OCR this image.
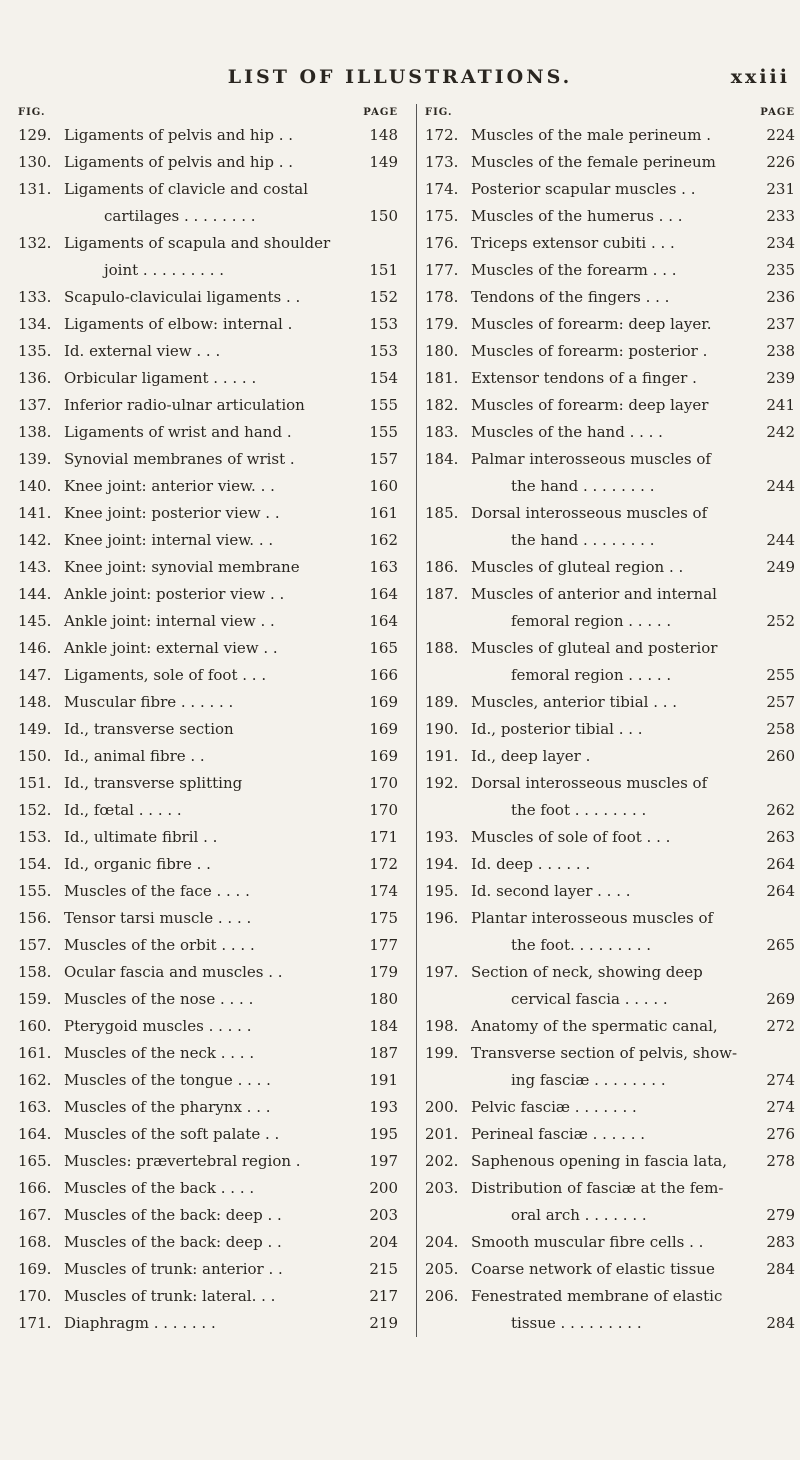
LIST OF ILLUSTRATIONS.	xxiii
FIG.	PAGE
129. Ligaments of pelvis and hip . .	148
130. Ligaments of pelvis and hip . .	149
131. Ligaments of clavicle and costal
cartilages . . . . . . . .	150
132. Ligaments of scapula and shoulder
joint . . . . . . . . .	151
133. Scapulo-claviculai ligaments . .	152
134. Ligaments of elbow: internal .	153
135. Id. external view . . .	153
136. Orbicular ligament . . . . .	154
137. Inferior radio-ulnar articulation	155
138. Ligaments of wrist and hand .	155
139. Synovial membranes of wrist .	157
140. Knee joint: anterior view. . .	160
141. Knee joint: posterior view . .	161
142. Knee joint: internal view. . .	162
143. Knee joint: synovial membrane	163
144. Ankle joint: posterior view . .	164
145. Ankle joint: internal view . .	164
146. Ankle joint: external view . .	165
147. Ligaments, sole of foot . . .	166
148. Muscular fibre . . . . . .	169
149. Id., transverse section	169
150. Id., animal fibre . .	169
151. Id., transverse splitting	170
152. Id., fœtal . . . . .	170
153. Id., ultimate fibril . .	171
154. Id., organic fibre . .	172
155. Muscles of the face . . . .	174
156. Tensor tarsi muscle . . . .	175
157. Muscles of the orbit . . . .	177
158. Ocular fascia and muscles . .	179
159. Muscles of the nose . . . .	180
160. Pterygoid muscles . . . . .	184
161. Muscles of the neck . . . .	187
162. Muscles of the tongue . . . .	191
163. Muscles of the pharynx . . .	193
164. Muscles of the soft palate . .	195
165. Muscles: prævertebral region .	197
166. Muscles of the back . . . .	200
167. Muscles of the back: deep . .	203
168. Muscles of the back: deep . .	204
169. Muscles of trunk: anterior . .	215
170. Muscles of trunk: lateral. . .	217
171. Diaphragm . . . . . . .	219
FIG.	PAGE
172. Muscles of the male perineum .	224
173. Muscles of the female perineum	226
174. Posterior scapular muscles . .	231
175. Muscles of the humerus . . .	233
176. Triceps extensor cubiti . . .	234
177. Muscles of the forearm . . .	235
178. Tendons of the fingers . . .	236
179. Muscles of forearm: deep layer.	237
180. Muscles of forearm: posterior .	238
181. Extensor tendons of a finger .	239
182. Muscles of forearm: deep layer	241
183. Muscles of the hand . . . .	242
184. Palmar interosseous muscles of
the hand . . . . . . . .	244
185. Dorsal interosseous muscles of
the hand . . . . . . . .	244
186. Muscles of gluteal region . .	249
187. Muscles of anterior and internal
femoral region . . . . .	252
188. Muscles of gluteal and posterior
femoral region . . . . .	255
189. Muscles, anterior tibial . . .	257
190. Id., posterior tibial . . .	258
191. Id., deep layer .	260
192. Dorsal interosseous muscles of
the foot . . . . . . . .	262
193. Muscles of sole of foot . . .	263
194. Id. deep . . . . . .	264
195. Id. second layer . . . .	264
196. Plantar interosseous muscles of
the foot. . . . . . . . .	265
197. Section of neck, showing deep
cervical fascia . . . . .	269
198. Anatomy of the spermatic canal,	272
199. Transverse section of pelvis, show-
ing fasciæ . . . . . . . .	274
200. Pelvic fasciæ . . . . . . .	274
201. Perineal fasciæ . . . . . .	276
202. Saphenous opening in fascia lata,	278
203. Distribution of fasciæ at the fem-
oral arch . . . . . . .	279
204. Smooth muscular fibre cells . .	283
205. Coarse network of elastic tissue	284
206. Fenestrated membrane of elastic
tissue . . . . . . . . .	284
